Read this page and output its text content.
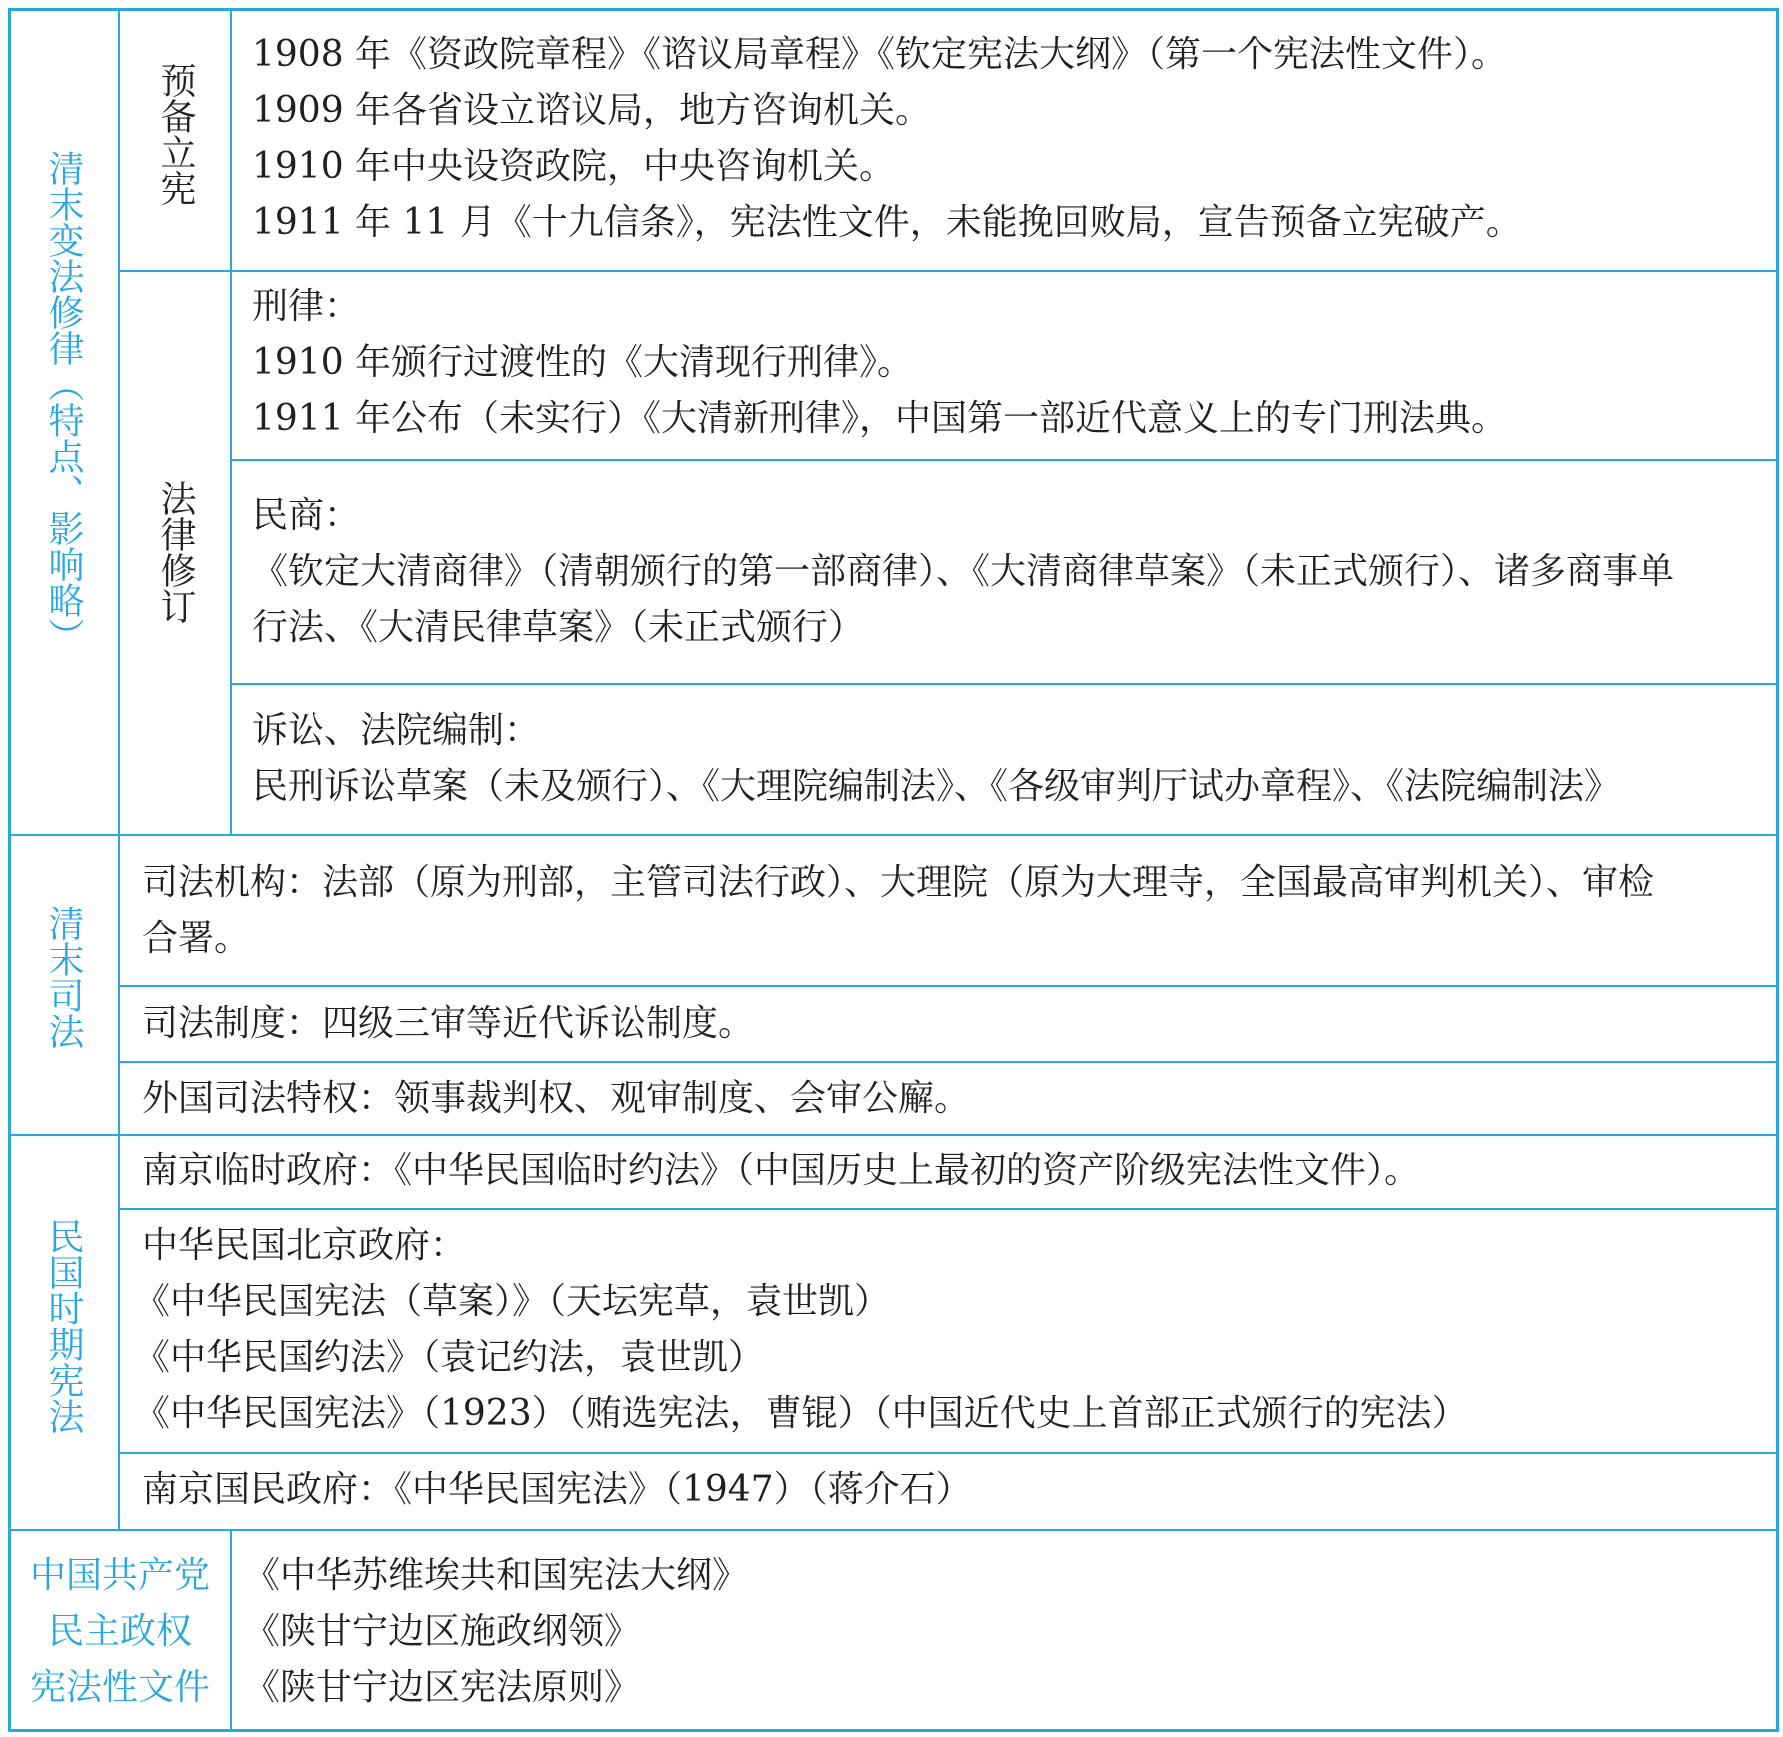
清末变法修律（特点、影响略）
预备立宪
1908 年《资政院章程》《谘议局章程》《钦定宪法大纲》（第一个宪法性文件）。
1909 年各省设立谘议局，地方咨询机关。
1910 年中央设资政院，中央咨询机关。
1911 年 11 月《十九信条》，宪法性文件，未能挽回败局，宣告预备立宪破产。
法律修订
刑律：
1910 年颁行过渡性的《大清现行刑律》。
1911 年公布（未实行）《大清新刑律》，中国第一部近代意义上的专门刑法典。
民商：
《钦定大清商律》（清朝颁行的第一部商律）、《大清商律草案》（未正式颁行）、诸多商事单
行法、《大清民律草案》（未正式颁行）
诉讼、法院编制：
民刑诉讼草案（未及颁行）、《大理院编制法》、《各级审判厅试办章程》、《法院编制法》
清末司法
司法机构：法部（原为刑部，主管司法行政）、大理院（原为大理寺，全国最高审判机关）、审检
合署。
司法制度：四级三审等近代诉讼制度。
外国司法特权：领事裁判权、观审制度、会审公廨。
民国时期宪法
南京临时政府：《中华民国临时约法》（中国历史上最初的资产阶级宪法性文件）。
中华民国北京政府：
《中华民国宪法（草案）》（天坛宪草，袁世凯）
《中华民国约法》（袁记约法，袁世凯）
《中华民国宪法》（1923）（贿选宪法，曹锟）（中国近代史上首部正式颁行的宪法）
南京国民政府：《中华民国宪法》（1947）（蒋介石）
中国共产党
民主政权
宪法性文件
《中华苏维埃共和国宪法大纲》
《陕甘宁边区施政纲领》
《陕甘宁边区宪法原则》
